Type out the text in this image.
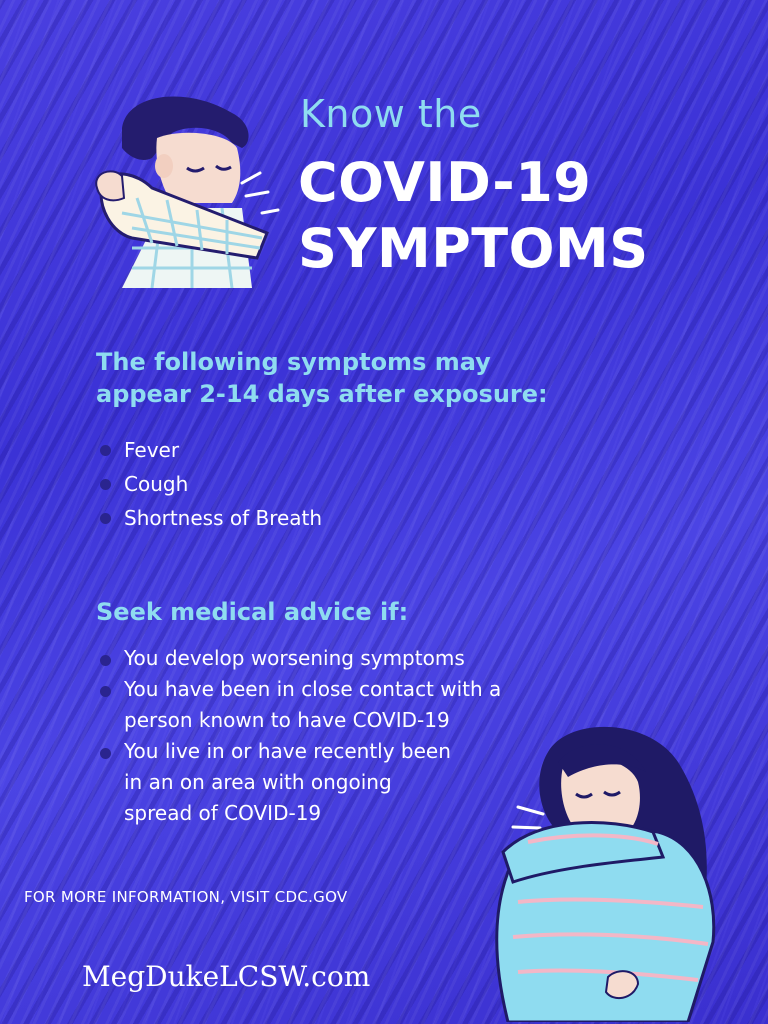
Know the
COVID-19
SYMPTOMS
The following symptoms may
appear 2-14 days after exposure:
Fever
Cough
Shortness of Breath
Seek medical advice if:
You develop worsening symptoms
You have been in close contact with a
person known to have COVID-19
You live in or have recently been
in an on area with ongoing
spread of COVID-19
FOR MORE INFORMATION, VISIT CDC.GOV
MegDukeLCSW.com
